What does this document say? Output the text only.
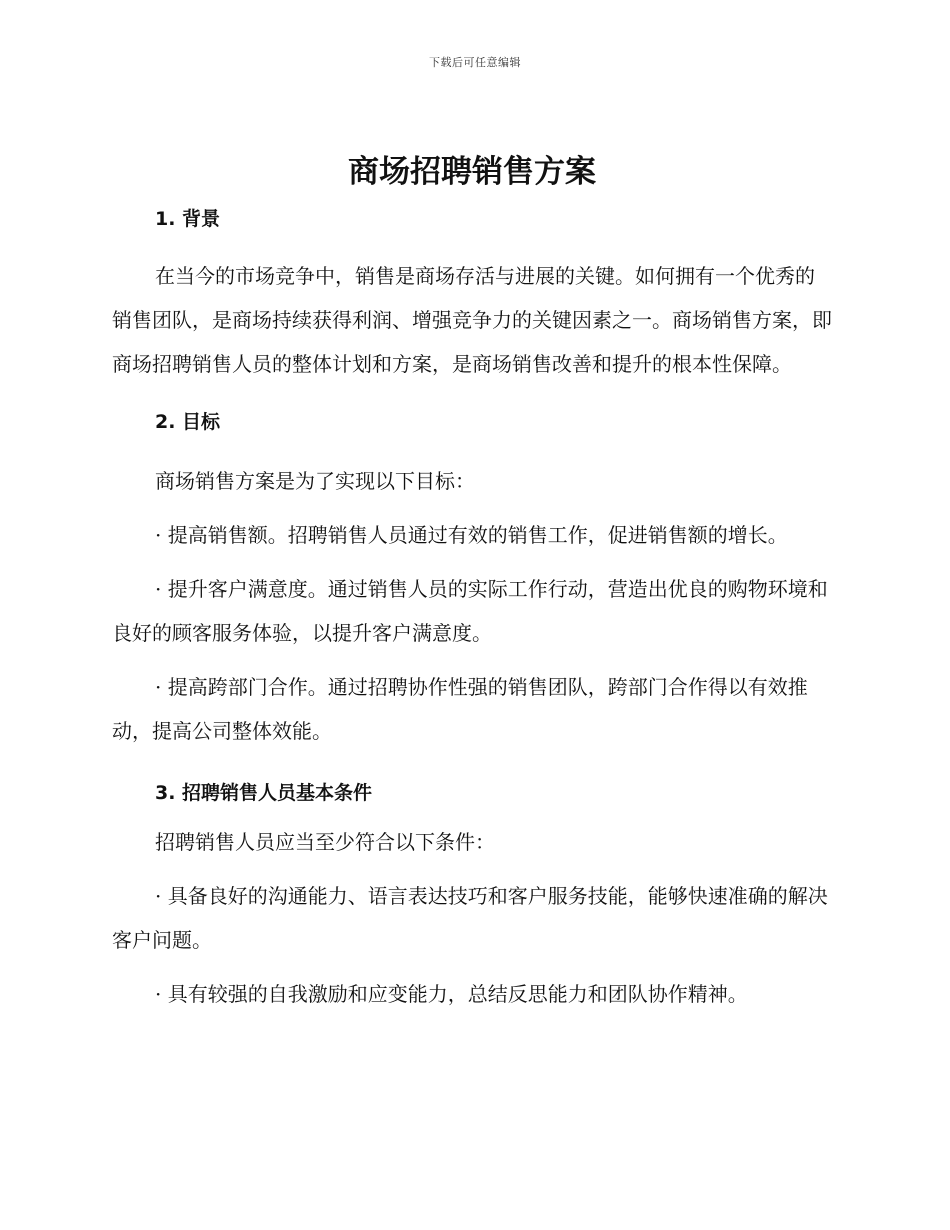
下载后可任意编辑
商场招聘销售方案
1. 背景

在当今的市场竞争中，销售是商场存活与进展的关键。如何拥有一个优秀的销售团队，是商场持续获得利润、增强竞争力的关键因素之一。商场销售方案，即商场招聘销售人员的整体计划和方案，是商场销售改善和提升的根本性保障。

2. 目标

商场销售方案是为了实现以下目标：

· 提高销售额。招聘销售人员通过有效的销售工作，促进销售额的增长。

· 提升客户满意度。通过销售人员的实际工作行动，营造出优良的购物环境和良好的顾客服务体验，以提升客户满意度。

· 提高跨部门合作。通过招聘协作性强的销售团队，跨部门合作得以有效推动，提高公司整体效能。

3. 招聘销售人员基本条件

招聘销售人员应当至少符合以下条件：

· 具备良好的沟通能力、语言表达技巧和客户服务技能，能够快速准确的解决客户问题。

· 具有较强的自我激励和应变能力，总结反思能力和团队协作精神。
